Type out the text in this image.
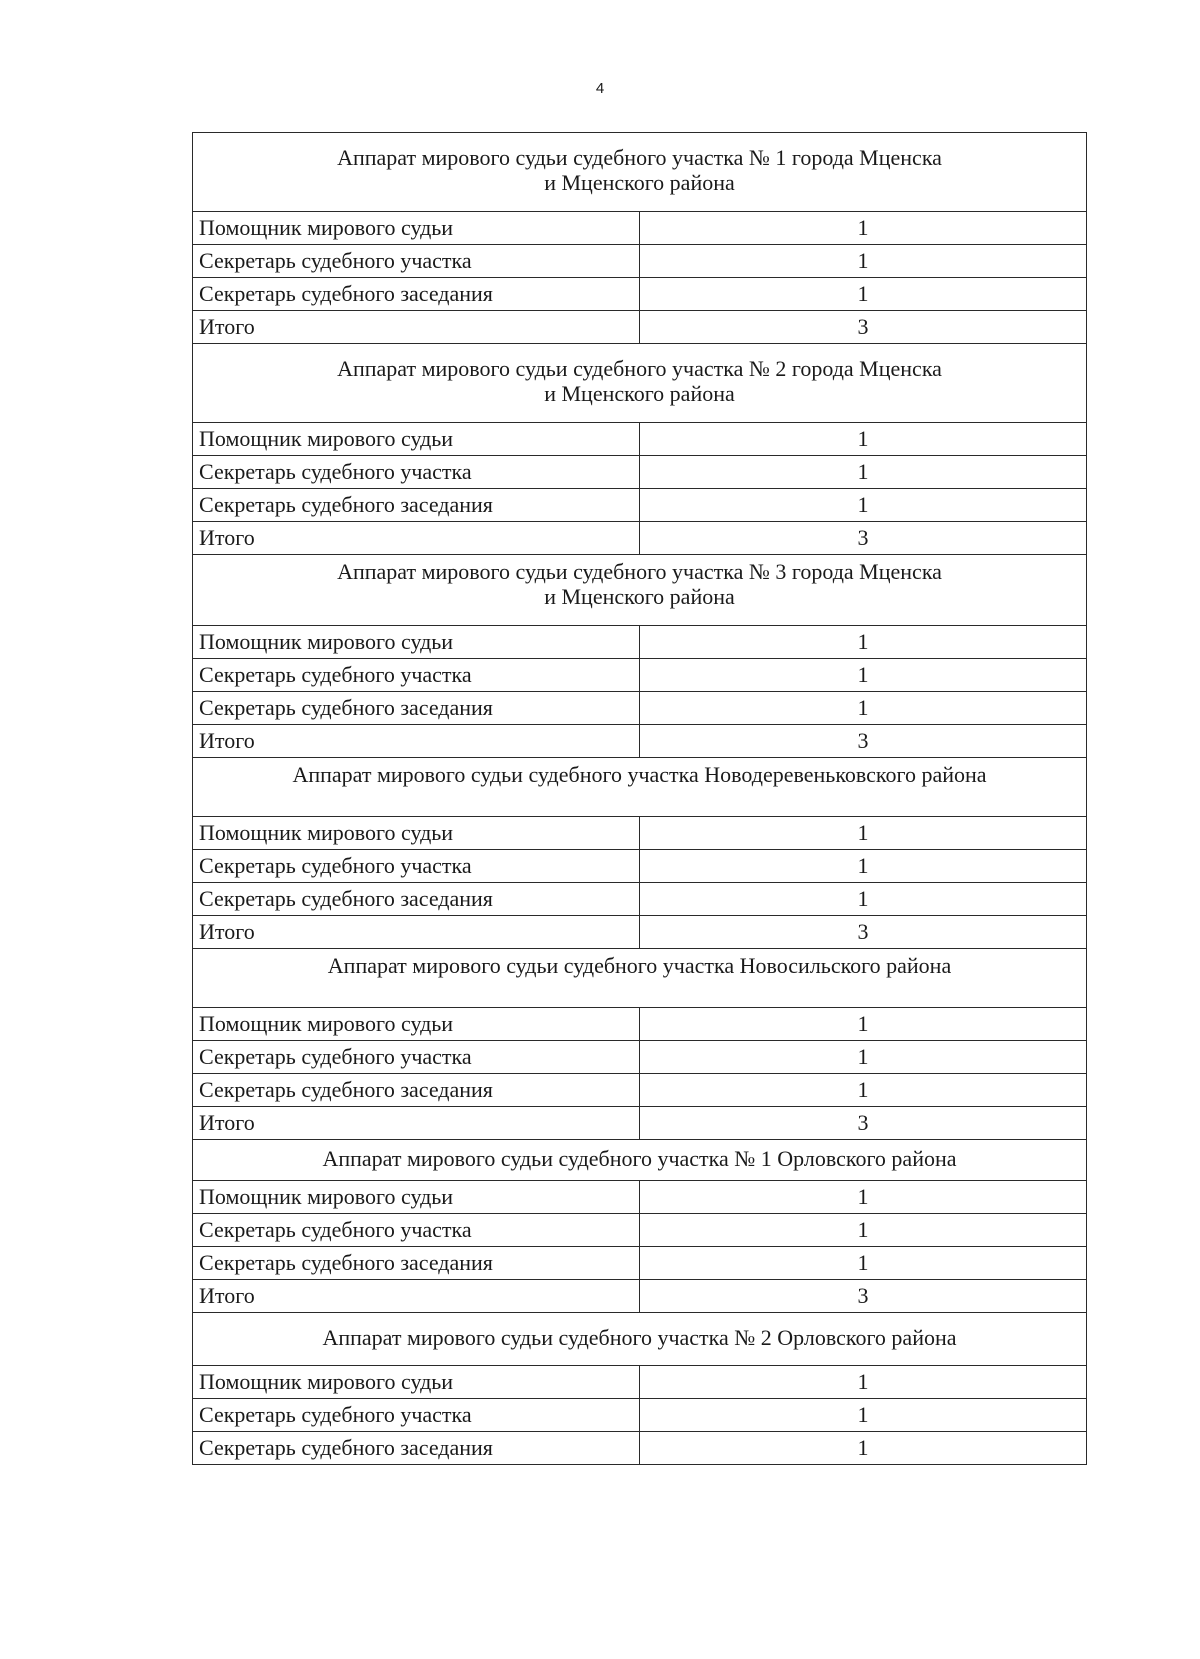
4
Аппарат мирового судьи судебного участка № 1 города Мценска
и Мценского района	

Помощник мирового судьи	1
Секретарь судебного участка	1
Секретарь судебного заседания	1
Итого	3

Аппарат мирового судьи судебного участка № 2 города Мценска
и Мценского района	

Помощник мирового судьи	1
Секретарь судебного участка	1
Секретарь судебного заседания	1
Итого	3

Аппарат мирового судьи судебного участка № 3 города Мценска
и Мценского района	

Помощник мирового судьи	1
Секретарь судебного участка	1
Секретарь судебного заседания	1
Итого	3

Аппарат мирового судьи судебного участка Новодеревеньковского района	

Помощник мирового судьи	1
Секретарь судебного участка	1
Секретарь судебного заседания	1
Итого	3

Аппарат мирового судьи судебного участка Новосильского района	

Помощник мирового судьи	1
Секретарь судебного участка	1
Секретарь судебного заседания	1
Итого	3

Аппарат мирового судьи судебного участка № 1 Орловского района	

Помощник мирового судьи	1
Секретарь судебного участка	1
Секретарь судебного заседания	1
Итого	3

Аппарат мирового судьи судебного участка № 2 Орловского района	

Помощник мирового судьи	1
Секретарь судебного участка	1
Секретарь судебного заседания	1
